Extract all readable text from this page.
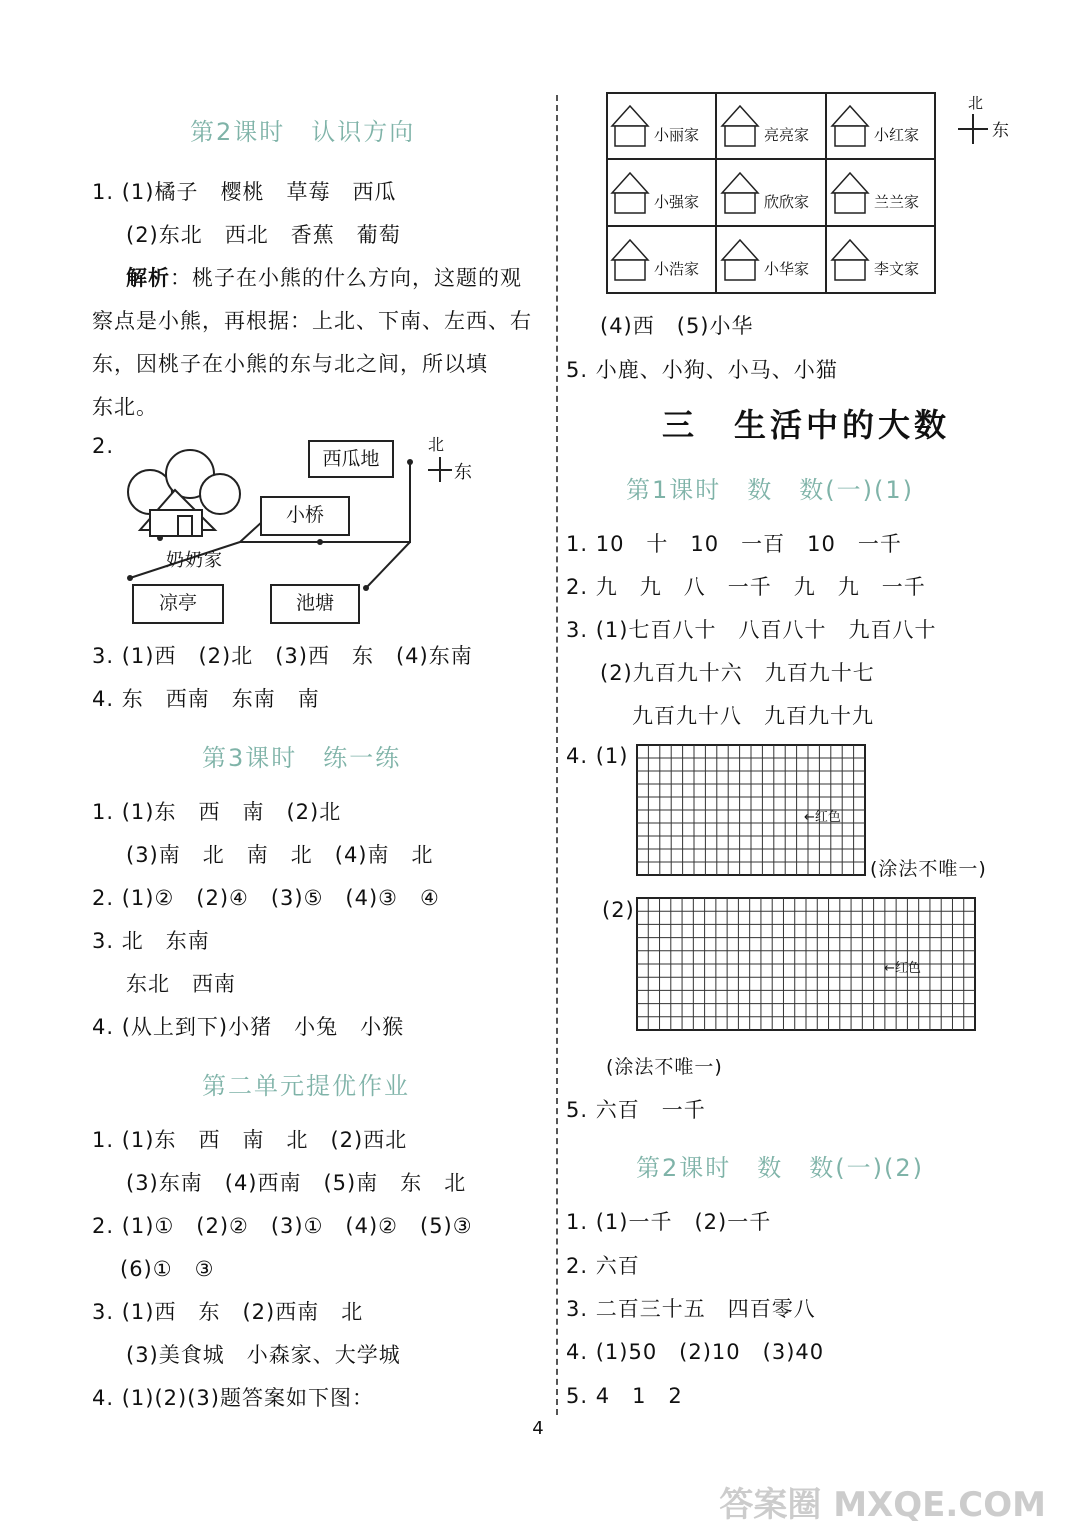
第2课时　认识方向
1. (1)橘子　樱桃　草莓　西瓜
(2)东北　西北　香蕉　葡萄
解析：桃子在小熊的什么方向，这题的观
察点是小熊，再根据：上北、下南、左西、右
东，因桃子在小熊的东与北之间，所以填
东北。
2.
西瓜地
小桥
奶奶家
凉亭	池塘
北
东
3. (1)西　(2)北　(3)西　东　(4)东南
4. 东　西南　东南　南
第3课时　练一练
1. (1)东　西　南　(2)北
(3)南　北　南　北　(4)南　北
2. (1)②　(2)④　(3)⑤　(4)③　④
3. 北　东南
东北　西南
4. (从上到下)小猪　小兔　小猴
第二单元提优作业
1. (1)东　西　南　北　(2)西北
(3)东南　(4)西南　(5)南　东　北
2. (1)①　(2)②　(3)①　(4)②　(5)③
(6)①　③
3. (1)西　东　(2)西南　北
(3)美食城　小森家、大学城
4. (1)(2)(3)题答案如下图：
小丽家	亮亮家	小红家
小强家	欣欣家	兰兰家
小浩家	小华家	李文家
北
东
(4)西　(5)小华
5. 小鹿、小狗、小马、小猫
三　生活中的大数
第1课时　数　数(一)(1)
1. 10　十　10　一百　10　一千
2. 九　九　八　一千　九　九　一千
3. (1)七百八十　八百八十　九百八十
(2)九百九十六　九百九十七
九百九十八　九百九十九
4. (1)
←红色
(涂法不唯一)
(2)
←红色
(涂法不唯一)
5. 六百　一千
第2课时　数　数(一)(2)
1. (1)一千　(2)一千
2. 六百
3. 二百三十五　四百零八
4. (1)50　(2)10　(3)40
5. 4　1　2
4
答案圈 MXQE.COM
